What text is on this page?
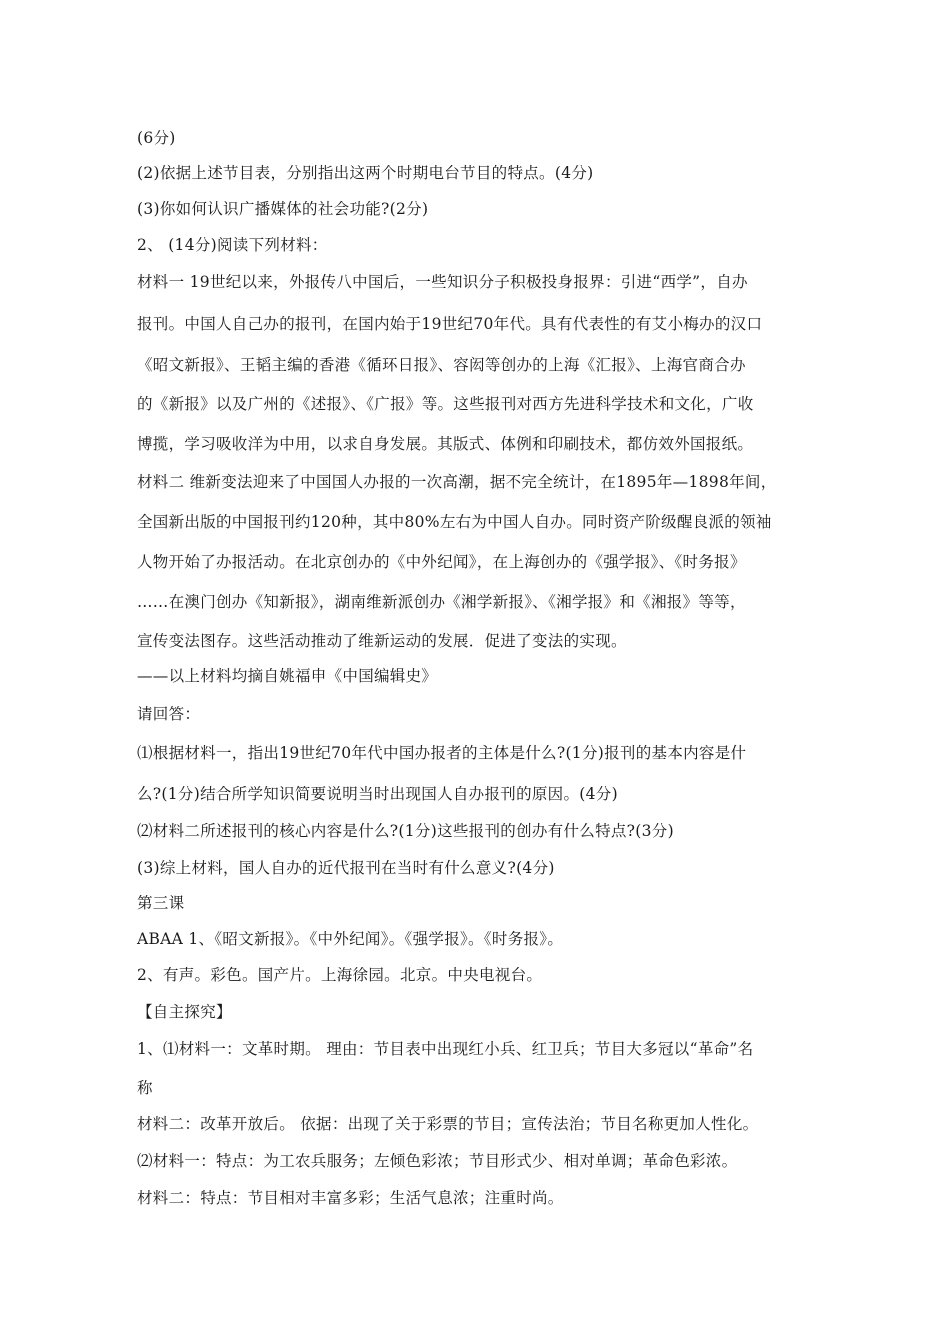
(6分)
(2)依据上述节目表，分别指出这两个时期电台节目的特点。(4分)
(3)你如何认识广播媒体的社会功能?(2分)
2、 (14分)阅读下列材料：
材料一 19世纪以来，外报传八中国后，一些知识分子积极投身报界：引进“西学”，自办
报刊。中国人自己办的报刊，在国内始于19世纪70年代。具有代表性的有艾小梅办的汉口
《昭文新报》、王韬主编的香港《循环日报》、容闳等创办的上海《汇报》、上海官商合办
的《新报》以及广州的《述报》、《广报》等。这些报刊对西方先进科学技术和文化，广收
博揽，学习吸收洋为中用，以求自身发展。其版式、体例和印刷技术，都仿效外国报纸。
材料二 维新变法迎来了中国国人办报的一次高潮，据不完全统计，在1895年—1898年间，
全国新出版的中国报刊约120种，其中80%左右为中国人自办。同时资产阶级醒良派的领袖
人物开始了办报活动。在北京创办的《中外纪闻》，在上海创办的《强学报》、《时务报》
……在澳门创办《知新报》，湖南维新派创办《湘学新报》、《湘学报》和《湘报》等等，
宣传变法图存。这些活动推动了维新运动的发展．促进了变法的实现。
——以上材料均摘自姚福申《中国编辑史》
请回答：
⑴根据材料一，指出19世纪70年代中国办报者的主体是什么?(1分)报刊的基本内容是什
么?(1分)结合所学知识简要说明当时出现国人自办报刊的原因。(4分)
⑵材料二所述报刊的核心内容是什么?(1分)这些报刊的创办有什么特点?(3分)
(3)综上材料，国人自办的近代报刊在当时有什么意义?(4分)
第三课
ABAA 1、《昭文新报》。《中外纪闻》。《强学报》。《时务报》。
2、有声。彩色。国产片。上海徐园。北京。中央电视台。
【自主探究】
1、⑴材料一：文革时期。 理由：节目表中出现红小兵、红卫兵；节目大多冠以“革命”名
称
材料二：改革开放后。 依据：出现了关于彩票的节目；宣传法治；节目名称更加人性化。
⑵材料一：特点：为工农兵服务；左倾色彩浓；节目形式少、相对单调；革命色彩浓。
材料二：特点：节目相对丰富多彩；生活气息浓；注重时尚。
